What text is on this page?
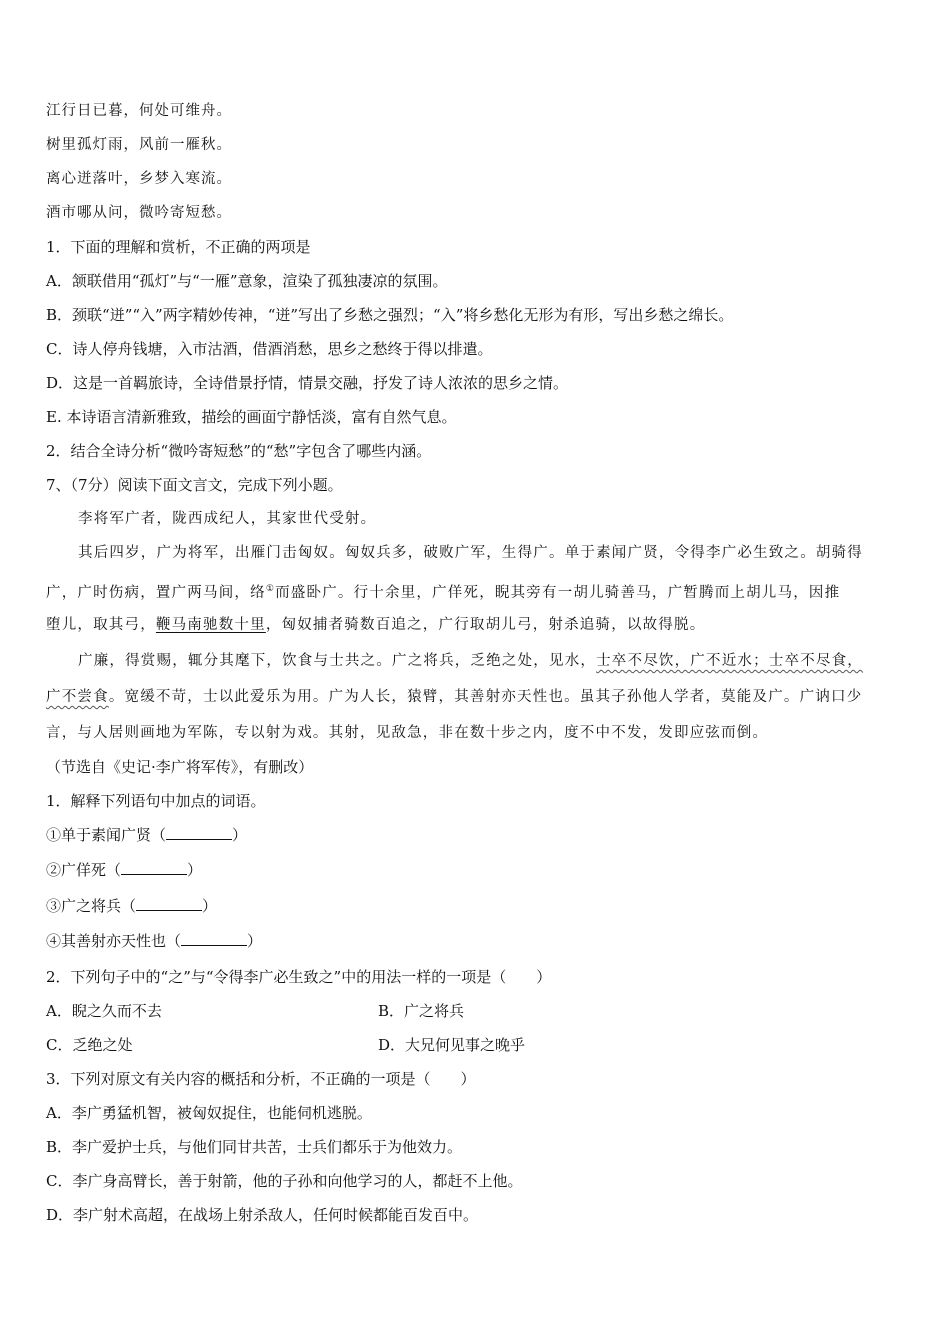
江行日已暮，何处可维舟。
树里孤灯雨，风前一雁秋。
离心迸落叶，乡梦入寒流。
酒市哪从问，微吟寄短愁。
1．下面的理解和赏析，不正确的两项是
A．颔联借用“孤灯”与“一雁”意象，渲染了孤独凄凉的氛围。
B．颈联“迸”“入”两字精妙传神，“迸”写出了乡愁之强烈；“入”将乡愁化无形为有形，写出乡愁之绵长。
C．诗人停舟钱塘，入市沽酒，借酒消愁，思乡之愁终于得以排遣。
D．这是一首羁旅诗，全诗借景抒情，情景交融，抒发了诗人浓浓的思乡之情。
E. 本诗语言清新雅致，描绘的画面宁静恬淡，富有自然气息。
2．结合全诗分析“微吟寄短愁”的“愁”字包含了哪些内涵。
7、（7分）阅读下面文言文，完成下列小题。
李将军广者，陇西成纪人，其家世代受射。
其后四岁，广为将军，出雁门击匈奴。匈奴兵多，破败广军，生得广。单于素闻广贤，令得李广必生致之。胡骑得
广，广时伤病，置广两马间，络①而盛卧广。行十余里，广佯死，睨其旁有一胡儿骑善马，广暂腾而上胡儿马，因推
堕儿，取其弓，鞭马南驰数十里，匈奴捕者骑数百追之，广行取胡儿弓，射杀追骑，以故得脱。
广廉，得赏赐，辄分其麾下，饮食与士共之。广之将兵，乏绝之处，见水，士卒不尽饮，广不近水；士卒不尽食，
广不尝食。宽缓不苛，士以此爱乐为用。广为人长，猿臂，其善射亦天性也。虽其子孙他人学者，莫能及广。广讷口少
言，与人居则画地为军陈，专以射为戏。其射，见敌急，非在数十步之内，度不中不发，发即应弦而倒。
（节选自《史记·李广将军传》，有删改）
1．解释下列语句中加点的词语。
①单于素闻广贤（	）
②广佯死（	）
③广之将兵（	）
④其善射亦天性也（	）
2．下列句子中的“之”与“令得李广必生致之”中的用法一样的一项是（　　）
A．睨之久而不去	B．广之将兵
C．乏绝之处	D．大兄何见事之晚乎
3．下列对原文有关内容的概括和分析，不正确的一项是（　　）
A．李广勇猛机智，被匈奴捉住，也能伺机逃脱。
B．李广爱护士兵，与他们同甘共苦，士兵们都乐于为他效力。
C．李广身高臂长，善于射箭，他的子孙和向他学习的人，都赶不上他。
D．李广射术高超，在战场上射杀敌人，任何时候都能百发百中。
